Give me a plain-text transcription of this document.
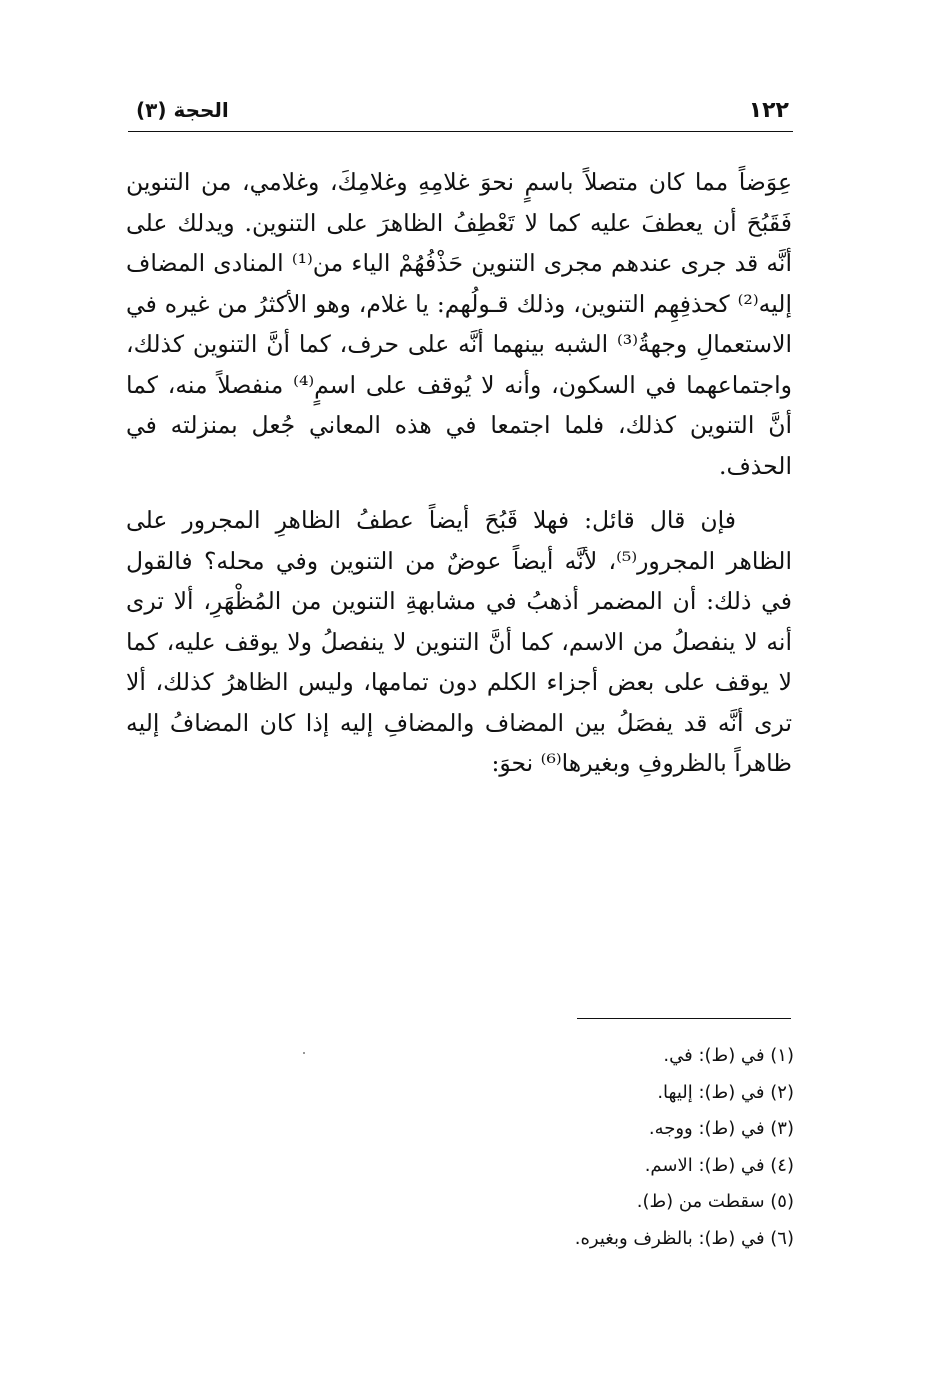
١٢٢
الحجة (٣)

عِوَضاً مما كان متصلاً باسمٍ نحوَ غلامِهِ وغلامِكَ، وغلامي، من التنوين فَقَبُحَ أن يعطفَ عليه كما لا تَعْطِفُ الظاهرَ على التنوين. ويدلك على أنَّه قد جرى عندهم مجرى التنوين حَذْفُهُمْ الياء من⁽¹⁾ المنادى المضاف إليه⁽²⁾ كحذفِهِم التنوين، وذلك قـولُهم: يا غلام، وهو الأكثرُ من غيره في الاستعمالِ وجهةُ⁽³⁾ الشبه بينهما أنَّه على حرف، كما أنَّ التنوين كذلك، واجتماعهما في السكون، وأنه لا يُوقف على اسمٍ⁽⁴⁾ منفصلاً منه، كما أنَّ التنوين كذلك، فلما اجتمعا في هذه المعاني جُعل بمنزلته في الحذف.

فإن قال قائل: فهلا قَبُحَ أيضاً عطفُ الظاهرِ المجرور على الظاهر المجرور⁽⁵⁾، لأنَّه أيضاً عوضٌ من التنوين وفي محله؟ فالقول في ذلك: أن المضمر أذهبُ في مشابهةِ التنوين من المُظْهَرِ، ألا ترى أنه لا ينفصلُ من الاسم، كما أنَّ التنوين لا ينفصلُ ولا يوقف عليه، كما لا يوقف على بعض أجزاء الكلم دون تمامها، وليس الظاهرُ كذلك، ألا ترى أنَّه قد يفصَلُ بين المضاف والمضافِ إليه إذا كان المضافُ إليه ظاهراً بالظروفِ وبغيرها⁽⁶⁾ نحوَ:

(١) في (ط): في.
(٢) في (ط): إليها.
(٣) في (ط): ووجه.
(٤) في (ط): الاسم.
(٥) سقطت من (ط).
(٦) في (ط): بالظرف وبغيره.
